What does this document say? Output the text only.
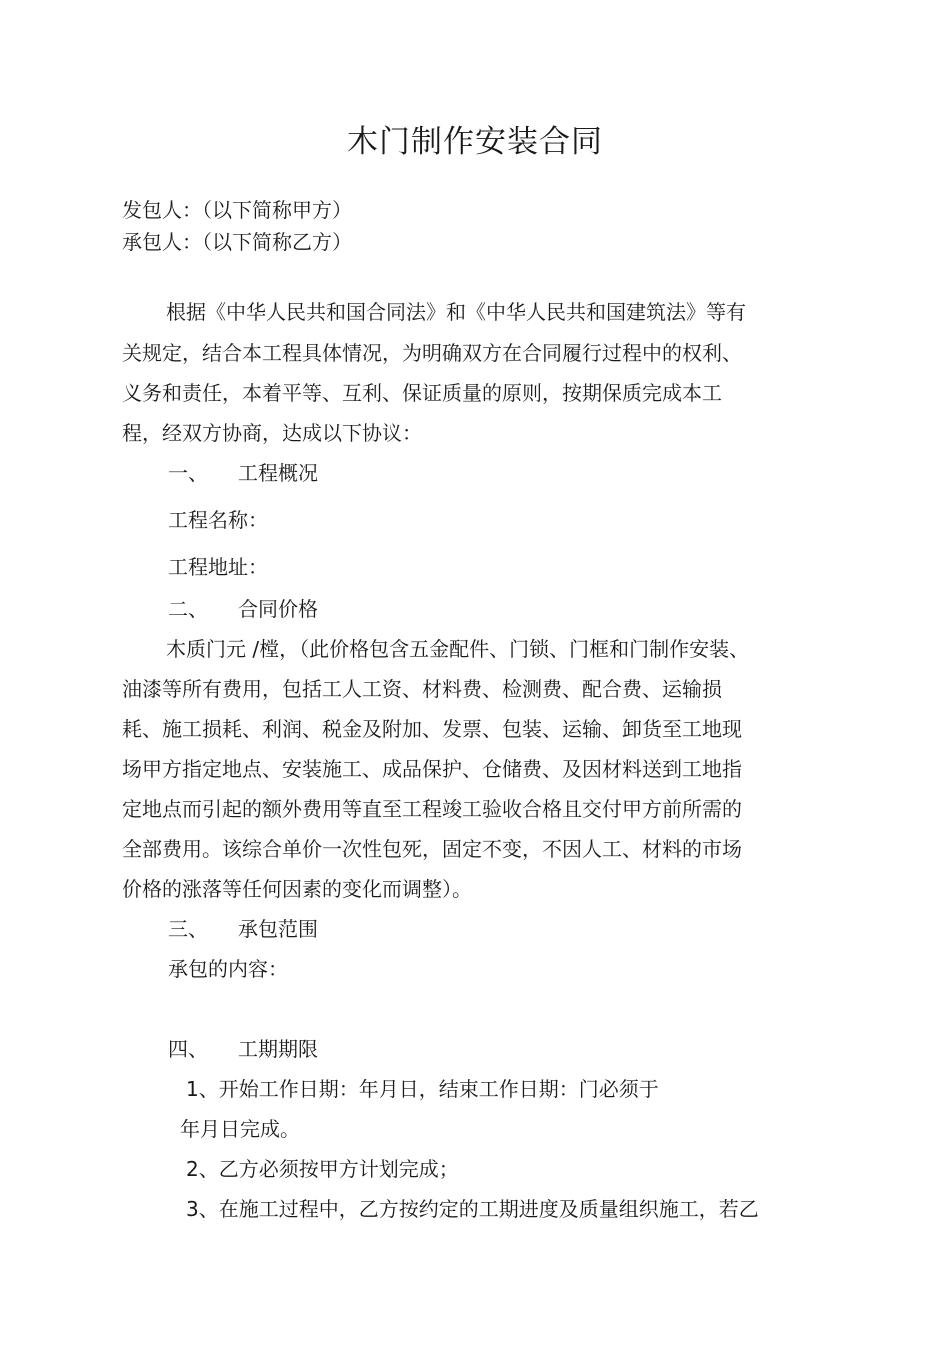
木门制作安装合同
发包人：（以下简称甲方）
承包人：（以下简称乙方）
根据《中华人民共和国合同法》和《中华人民共和国建筑法》等有
关规定，结合本工程具体情况，为明确双方在合同履行过程中的权利、
义务和责任，本着平等、互利、保证质量的原则，按期保质完成本工
程，经双方协商，达成以下协议：
一、 工程概况
工程名称：
工程地址：
二、 合同价格
木质门元 /樘，（此价格包含五金配件、门锁、门框和门制作安装、
油漆等所有费用，包括工人工资、材料费、检测费、配合费、运输损
耗、施工损耗、利润、税金及附加、发票、包装、运输、卸货至工地现
场甲方指定地点、安装施工、成品保护、仓储费、及因材料送到工地指
定地点而引起的额外费用等直至工程竣工验收合格且交付甲方前所需的
全部费用。该综合单价一次性包死，固定不变，不因人工、材料的市场
价格的涨落等任何因素的变化而调整）。
三、 承包范围
承包的内容：
四、 工期期限
1、开始工作日期：年月日，结束工作日期：门必须于
年月日完成。
2、乙方必须按甲方计划完成；
3、在施工过程中，乙方按约定的工期进度及质量组织施工，若乙
